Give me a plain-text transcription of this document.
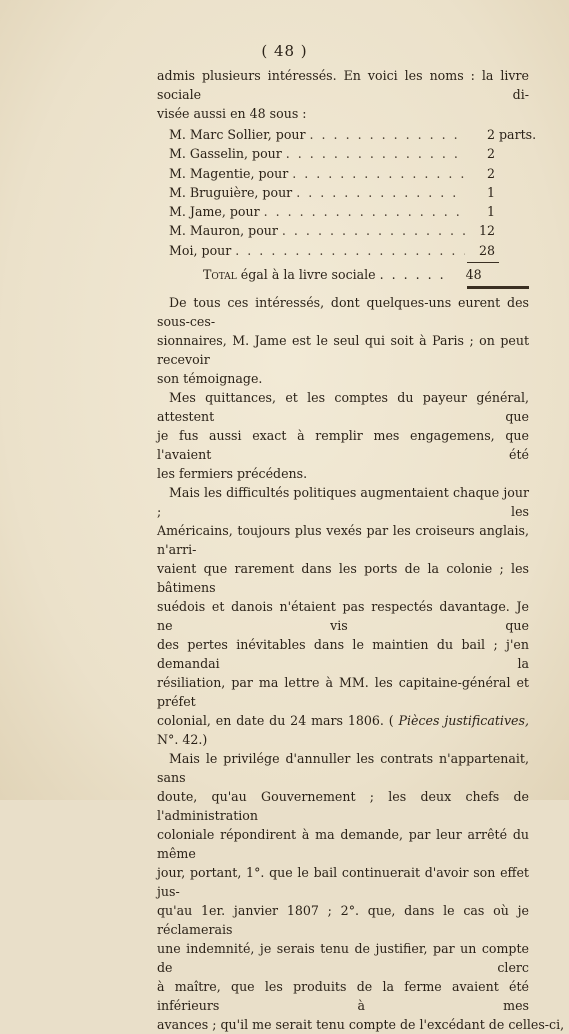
( 48 )
admis plusieurs intéressés. En voici les noms : la livre sociale di-
visée aussi en 48 sous :
M. Marc Sollier, pour . . .	2 parts.
M. Gasselin, pour . . .	2
M. Magentie, pour . . .	2
M. Bruguière, pour . . .	1
M. Jame, pour . . .	1
M. Mauron, pour . . .	12
Moi, pour . . .	28
Total égal à la livre sociale . . .	48
De tous ces intéressés, dont quelques-uns eurent des sous-ces-
sionnaires, M. Jame est le seul qui soit à Paris ; on peut recevoir
son témoignage.
Mes quittances, et les comptes du payeur général, attestent que
je fus aussi exact à remplir mes engagemens, que l'avaient été
les fermiers précédens.
Mais les difficultés politiques augmentaient chaque jour ; les
Américains, toujours plus vexés par les croiseurs anglais, n'arri-
vaient que rarement dans les ports de la colonie ; les bâtimens
suédois et danois n'étaient pas respectés davantage. Je ne vis que
des pertes inévitables dans le maintien du bail ; j'en demandai la
résiliation, par ma lettre à MM. les capitaine-général et préfet
colonial, en date du 24 mars 1806. ( Pièces justificatives,
N°. 42.)
Mais le privilége d'annuller les contrats n'appartenait, sans
doute, qu'au Gouvernement ; les deux chefs de l'administration
coloniale répondirent à ma demande, par leur arrêté du même
jour, portant, 1°. que le bail continuerait d'avoir son effet jus-
qu'au 1er. janvier 1807 ; 2°. que, dans le cas où je réclamerais
une indemnité, je serais tenu de justifier, par un compte de clerc
à maître, que les produits de la ferme avaient été inférieurs à mes
avances ; qu'il me serait tenu compte de l'excédant de celles-ci,
